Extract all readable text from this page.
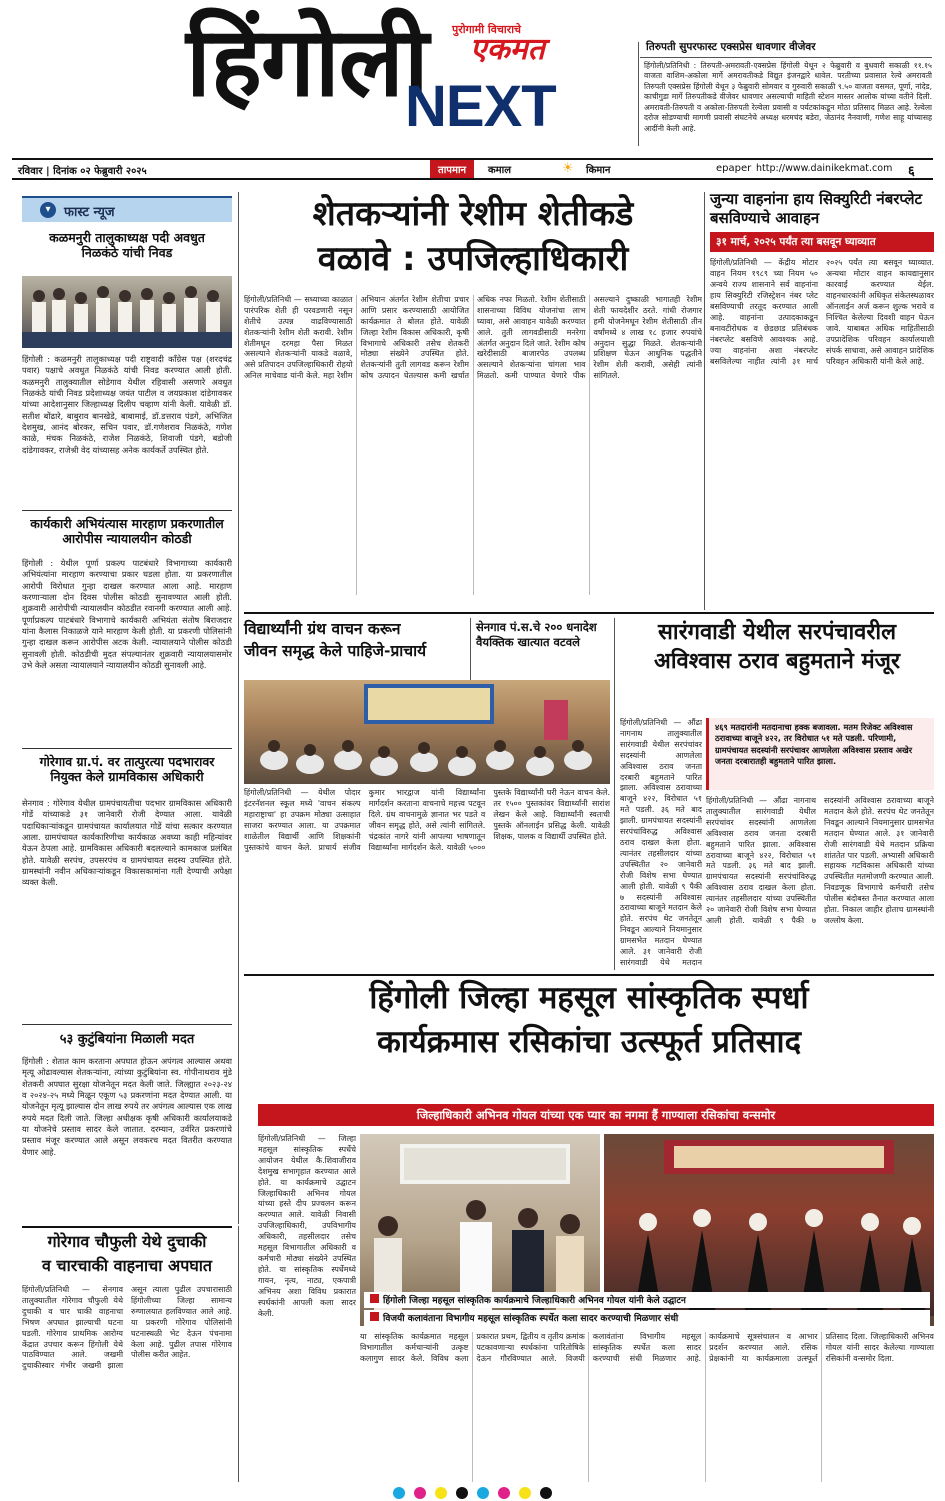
हिंगोली पुरोगामी विचाराचे
एकमत
NEXT
तिरुपती सुपरफास्ट एक्सप्रेस धावणार वीजेवर
हिंगोली/प्रतिनिधी : तिरुपती-अमरावती-एक्सप्रेस हिंगोली येथून २ फेब्रुवारी व बुधवारी सकाळी ११.१५ वाजता वाशिम-अकोला मार्गे अमरावतीकडे विद्युत इंजनद्वारे धावेल. परतीच्या प्रवासात रेल्वे अमरावती तिरुपती एक्सप्रेस हिंगोली येथून ३ फेब्रुवारी सोमवार व गुरुवारी सकाळी ९.५० वाजता वसमत, पूर्णा, नांदेड, काचीगुडा मार्गे तिरुपतीकडे वीजेवर धावणार असल्याची माहिती स्टेशन मास्तर आलोक यांच्या वतीने दिली. अमरावती-तिरुपती व अकोला-तिरुपती रेल्वेला प्रवासी व पर्यटकांकडून मोठा प्रतिसाद मिळत आहे. रेल्वेला दरोज सोडण्याची मागणी प्रवासी संघटनेचे अध्यक्ष धरमचंद बडेरा, जेठानंद नैनवाणी, गणेश साहू यांच्यासह आदींनी केली आहे.
रविवार | दिनांक ०२ फेब्रुवारी २०२५	तापमान	कमाल	☀ किमान	epaper http://www.dainikekmat.com ६
▾	फास्ट न्यूज
कळमनुरी तालुकाध्यक्ष पदी अवधुत निळकंठे यांची निवड
हिंगोली : कळमनुरी तालुकाध्यक्ष पदी राष्ट्रवादी काँग्रेस पक्ष (शरदचंद्र पवार) पक्षाचे अवधुत निळकंठे यांची निवड करण्यात आली होती. कळमनुरी तालुक्यातील सोडेगाव येथील रहिवासी असणारे अवधुत निळकंठे यांची निवड प्रदेशाध्यक्ष जयंत पाटील व जयप्रकाश दांडेगावकर यांच्या आदेशानुसार जिल्हाध्यक्ष दिलीप चव्हाण यांनी केली. यावेळी डॉ. सतीश बोंढारे, बाबुराव बानखेडे, बाबामाई, डॉ.डत्तराव पंडगे, अभिजित देशमुख, आनंद बोरकर, सचिन पवार, डॉ.गणेशराव निळकंठे, गणेश काळे, मंचक निळकंठे, राजेश निळकंठे, शिवाजी पंडगे, बडोजी दांडेगावकर, राजेश्री वेद यांच्यासह अनेक कार्यकर्ते उपस्थित होते.
कार्यकारी अभियंत्यास मारहाण प्रकरणातील आरोपीस न्यायालयीन कोठडी
हिंगोली : येथील पूर्णा प्रकल्प पाटबंधारे विभागाच्या कार्यकारी अभियंत्यांना मारहाण करण्याचा प्रकार घडला होता. या प्रकरणातील आरोपी विरोधात गुन्हा दाखल करण्यात आला आहे. मारहाण करणाऱ्याला दोन दिवस पोलीस कोठडी सुनावण्यात आली होती. शुक्रवारी आरोपीची न्यायालयीन कोठडीत रवानगी करण्यात आली आहे. पूर्णाप्रकल्प पाटबंधारे विभागाचे कार्यकारी अभियंता संतोष बिराजदार यांना कैलास निकाळजे याने मारहाण केली होती. या प्रकरणी पोलिसांनी गुन्हा दाखल करून आरोपीस अटक केली. न्यायालयाने पोलीस कोठडी सुनावली होती. कोठडीची मुदत संपल्यानंतर शुक्रवारी न्यायालयासमोर उभे केले असता न्यायालयाने न्यायालयीन कोठडी सुनावली आहे.
गोरेगाव ग्रा.पं. वर तात्पुरत्या पदभारावर नियुक्त केले ग्रामविकास अधिकारी
सेनगाव : गोरेगाव येथील ग्रामपंचायतीचा पदभार ग्रामविकास अधिकारी गोडें यांच्याकडे ३१ जानेवारी रोजी देण्यात आला. यावेळी पदाधिकाऱ्यांकडून ग्रामपंचायत कार्यालयात गोडें यांचा सत्कार करण्यात आला. ग्रामपंचायत कार्यकारिणीचा कार्यकाळ अवघ्या काही महिन्यांवर येऊन ठेपला आहे. ग्रामविकास अधिकारी बदलल्याने कामकाज प्रलंबित होते. यावेळी सरपंच, उपसरपंच व ग्रामपंचायत सदस्य उपस्थित होते. ग्रामस्थांनी नवीन अधिकाऱ्यांकडून विकासकामांना गती देण्याची अपेक्षा व्यक्त केली.
५३ कुटुंबियांना मिळाली मदत
हिंगोली : शेतात काम करताना अपघात होऊन अपंगत्व आल्यास अथवा मृत्यू ओढावल्यास शेतकऱ्यांना, त्यांच्या कुटुंबियांना स्व. गोपीनाथराव मुंडे शेतकरी अपघात सुरक्षा योजनेतून मदत केली जाते. जिल्ह्यात २०२३-२४ व २०२४-२५ मध्ये मिळून एकूण ५३ प्रकरणांना मदत देण्यात आली. या योजनेतून मृत्यू झाल्यास दोन लाख रुपये तर अपंगत्व आल्यास एक लाख रुपये मदत दिली जाते. जिल्हा अधीक्षक कृषी अधिकारी कार्यालयाकडे या योजनेचे प्रस्ताव सादर केले जातात. दरम्यान, उर्वरित प्रकरणांचे प्रस्ताव मंजूर करण्यात आले असून लवकरच मदत वितरीत करण्यात येणार आहे.
शेतकऱ्यांनी रेशीम शेतीकडे
वळावे : उपजिल्हाधिकारी
हिंगोली/प्रतिनिधी — सध्याच्या काळात पारंपरिक शेती ही परवडणारी नसून शेतीचे उत्पन्न वाढविण्यासाठी शेतकऱ्यांनी रेशीम शेती करावी. रेशीम शेतीमधून दरमहा पैसा मिळत असल्याने शेतकऱ्यांनी याकडे वळावे, असे प्रतिपादन उपजिल्हाधिकारी रोहयो अनिल माचेवाड यांनी केले. महा रेशीम अभियान अंतर्गत रेशीम शेतीचा प्रचार आणि प्रसार करण्यासाठी आयोजित कार्यक्रमात ते बोलत होते. यावेळी जिल्हा रेशीम विकास अधिकारी, कृषी विभागाचे अधिकारी तसेच शेतकरी मोठ्या संख्येने उपस्थित होते. शेतकऱ्यांनी तुती लागवड करून रेशीम कोष उत्पादन घेतल्यास कमी खर्चात अधिक नफा मिळतो. रेशीम शेतीसाठी शासनाच्या विविध योजनांचा लाभ घ्यावा, असे आवाहन यावेळी करण्यात आले. तुती लागवडीसाठी मनरेगा अंतर्गत अनुदान दिले जाते. रेशीम कोष खरेदीसाठी बाजारपेठ उपलब्ध असल्याने शेतकऱ्यांना चांगला भाव मिळतो. कमी पाण्यात येणारे पीक असल्याने दुष्काळी भागातही रेशीम शेती फायदेशीर ठरते. गांधी रोजगार हमी योजनेमधून रेशीम शेतीसाठी तीन वर्षांमध्ये ४ लाख १८ हजार रुपयांचे अनुदान सुद्धा मिळते. शेतकऱ्यांनी प्रशिक्षण घेऊन आधुनिक पद्धतीने रेशीम शेती करावी, असेही त्यांनी सांगितले.
जुन्या वाहनांना हाय सिक्युरिटी नंबरप्लेट बसविण्याचे आवाहन
३१ मार्च, २०२५ पर्यंत त्या बसवून घ्याव्यात
हिंगोली/प्रतिनिधी — केंद्रीय मोटार वाहन नियम १९८९ च्या नियम ५० अन्वये राज्य शासनाने सर्व वाहनांना हाय सिक्युरिटी रजिस्ट्रेशन नंबर प्लेट बसविण्याची तरतूद करण्यात आली आहे. वाहनांना उत्पादकाकडून बनावटीरोधक व छेडछाड प्रतिबंधक नंबरप्लेट बसविणे आवश्यक आहे. ज्या वाहनांना अशा नंबरप्लेट बसविलेल्या नाहीत त्यांनी ३१ मार्च २०२५ पर्यंत त्या बसवून घ्याव्यात. अन्यथा मोटार वाहन कायद्यानुसार कारवाई करण्यात येईल. वाहनधारकांनी अधिकृत संकेतस्थळावर ऑनलाईन अर्ज करून शुल्क भरावे व निश्चित केलेल्या दिवशी वाहन घेऊन जावे. याबाबत अधिक माहितीसाठी उपप्रादेशिक परिवहन कार्यालयाशी संपर्क साधावा, असे आवाहन प्रादेशिक परिवहन अधिकारी यांनी केले आहे.
विद्यार्थ्यांनी ग्रंथ वाचन करून
जीवन समृद्ध केले पाहिजे-प्राचार्य
हिंगोली/प्रतिनिधी — येथील पोदार इंटरनॅशनल स्कूल मध्ये 'वाचन संकल्प महाराष्ट्राचा' हा उपक्रम मोठ्या उत्साहात साजरा करण्यात आला. या उपक्रमात शाळेतील विद्यार्थी आणि शिक्षकांनी पुस्तकांचे वाचन केले. प्राचार्य संजीव कुमार भारद्वाज यांनी विद्यार्थ्यांना मार्गदर्शन करताना वाचनाचे महत्त्व पटवून दिले. ग्रंथ वाचनामुळे ज्ञानात भर पडते व जीवन समृद्ध होते, असे त्यांनी सांगितले. चंद्रकांत नागरे यांनी आपल्या भाषणातून विद्यार्थ्यांना मार्गदर्शन केले. यावेळी ५००० पुस्तके विद्यार्थ्यांनी घरी नेऊन वाचन केले. तर १५०० पुस्तकांवर विद्यार्थ्यांनी सारांश लेखन केले आहे. विद्यार्थ्यांनी स्वतःची पुस्तके ऑनलाईन प्रसिद्ध केली. यावेळी शिक्षक, पालक व विद्यार्थी उपस्थित होते.
सेनगाव पं.स.चे २०० धनादेश वैयक्तिक खात्यात वटवले	सारंगवाडी येथील सरपंचावरील
अविश्वास ठराव बहुमताने मंजूर
४६९ मतदारांनी मतदानाचा हक्क बजावला. मतम रिजेक्ट अविश्वास ठरावाच्या बाजूने ४२२, तर विरोधात ५१ मते पडली. परिणामी, ग्रामपंचायत सदस्यांनी सरपंचावर आणलेला अविश्वास प्रस्ताव अखेर जनता दरबारातही बहुमताने पारित झाला.
हिंगोली/प्रतिनिधी — औंढा नागनाथ तालुक्यातील सारंगवाडी येथील सरपंचांवर सदस्यांनी आणलेला अविश्वास ठराव जनता दरबारी बहुमताने पारित झाला. अविश्वास ठरावाच्या बाजूने ४२२, विरोधात ५१ मते पडली. ३६ मते बाद झाली. ग्रामपंचायत सदस्यांनी सरपंचांविरुद्ध अविश्वास ठराव दाखल केला होता. त्यानंतर तहसीलदार यांच्या उपस्थितीत २० जानेवारी रोजी विशेष सभा घेण्यात आली होती. यावेळी ९ पैकी ७ सदस्यांनी अविश्वास ठरावाच्या बाजूने मतदान केले होते. सरपंच थेट जनतेतून निवडून आल्याने नियमानुसार ग्रामसभेत मतदान घेण्यात आले. ३१ जानेवारी रोजी सारंगवाडी येथे मतदान
हिंगोली/प्रतिनिधी — औंढा नागनाथ तालुक्यातील सारंगवाडी येथील सरपंचांवर सदस्यांनी आणलेला अविश्वास ठराव जनता दरबारी बहुमताने पारित झाला. अविश्वास ठरावाच्या बाजूने ४२२, विरोधात ५१ मते पडली. ३६ मते बाद झाली. ग्रामपंचायत सदस्यांनी सरपंचांविरुद्ध अविश्वास ठराव दाखल केला होता. त्यानंतर तहसीलदार यांच्या उपस्थितीत २० जानेवारी रोजी विशेष सभा घेण्यात आली होती. यावेळी ९ पैकी ७ सदस्यांनी अविश्वास ठरावाच्या बाजूने मतदान केले होते. सरपंच थेट जनतेतून निवडून आल्याने नियमानुसार ग्रामसभेत मतदान घेण्यात आले. ३१ जानेवारी रोजी सारंगवाडी येथे मतदान प्रक्रिया शांततेत पार पडली. अभ्यासी अधिकारी सहायक गटविकास अधिकारी यांच्या उपस्थितीत मतमोजणी करण्यात आली. निवडणूक विभागाचे कर्मचारी तसेच पोलीस बंदोबस्त तैनात करण्यात आला होता. निकाल जाहीर होताच ग्रामस्थांनी जल्लोष केला.
हिंगोली जिल्हा महसूल सांस्कृतिक स्पर्धा
कार्यक्रमास रसिकांचा उत्स्फूर्त प्रतिसाद
जिल्हाधिकारी अभिनव गोयल यांच्या एक प्यार का नगमा हैं गाण्याला रसिकांचा वन्समोर
हिंगोली जिल्हा महसूल सांस्कृतिक कार्यक्रमाचे जिल्हाधिकारी अभिनव गोयल यांनी केले उद्घाटन
विजयी कलावंताना विभागीय महसूल सांस्कृतिक स्पर्धेत कला सादर करण्याची मिळणार संधी
हिंगोली/प्रतिनिधी — जिल्हा महसूल सांस्कृतिक स्पर्धेचे आयोजन येथील कै.शिवाजीराव देशमुख सभागृहात करण्यात आले होते. या कार्यक्रमाचे उद्घाटन जिल्हाधिकारी अभिनव गोयल यांच्या हस्ते दीप प्रज्वलन करून करण्यात आले. यावेळी निवासी उपजिल्हाधिकारी, उपविभागीय अधिकारी, तहसीलदार तसेच महसूल विभागातील अधिकारी व कर्मचारी मोठ्या संख्येने उपस्थित होते. या सांस्कृतिक स्पर्धेमध्ये गायन, नृत्य, नाट्य, एकपात्री अभिनय अशा विविध प्रकारात स्पर्धकांनी आपली कला सादर केली.
या सांस्कृतिक कार्यक्रमात महसूल विभागातील कर्मचाऱ्यांनी उत्कृष्ट कलागुण सादर केले. विविध कला प्रकारात प्रथम, द्वितीय व तृतीय क्रमांक पटकावणाऱ्या स्पर्धकांना पारितोषिके देऊन गौरविण्यात आले. विजयी कलावंतांना विभागीय महसूल सांस्कृतिक स्पर्धेत कला सादर करण्याची संधी मिळणार आहे. कार्यक्रमाचे सूत्रसंचालन व आभार प्रदर्शन करण्यात आले. रसिक प्रेक्षकांनी या कार्यक्रमाला उत्स्फूर्त प्रतिसाद दिला. जिल्हाधिकारी अभिनव गोयल यांनी सादर केलेल्या गाण्याला रसिकांनी वन्समोर दिला.
गोरेगाव चौफुली येथे दुचाकी
व चारचाकी वाहनाचा अपघात
हिंगोली/प्रतिनिधी — सेनगाव तालुक्यातील गोरेगाव चौफुली येथे दुचाकी व चार चाकी वाहनाचा भिषण अपघात झाल्याची घटना घडली. गोरेगाव प्राथमिक आरोग्य केंद्रात उपचार करून हिंगोली येथे पाठविण्यात आले. जखमी दुचाकीस्वार गंभीर जखमी झाला असून त्याला पुढील उपचारासाठी हिंगोलीच्या जिल्हा सामान्य रुग्णालयात हलविण्यात आले आहे. या प्रकरणी गोरेगाव पोलिसांनी घटनास्थळी भेट देऊन पंचनामा केला आहे. पुढील तपास गोरेगाव पोलीस करीत आहेत.
